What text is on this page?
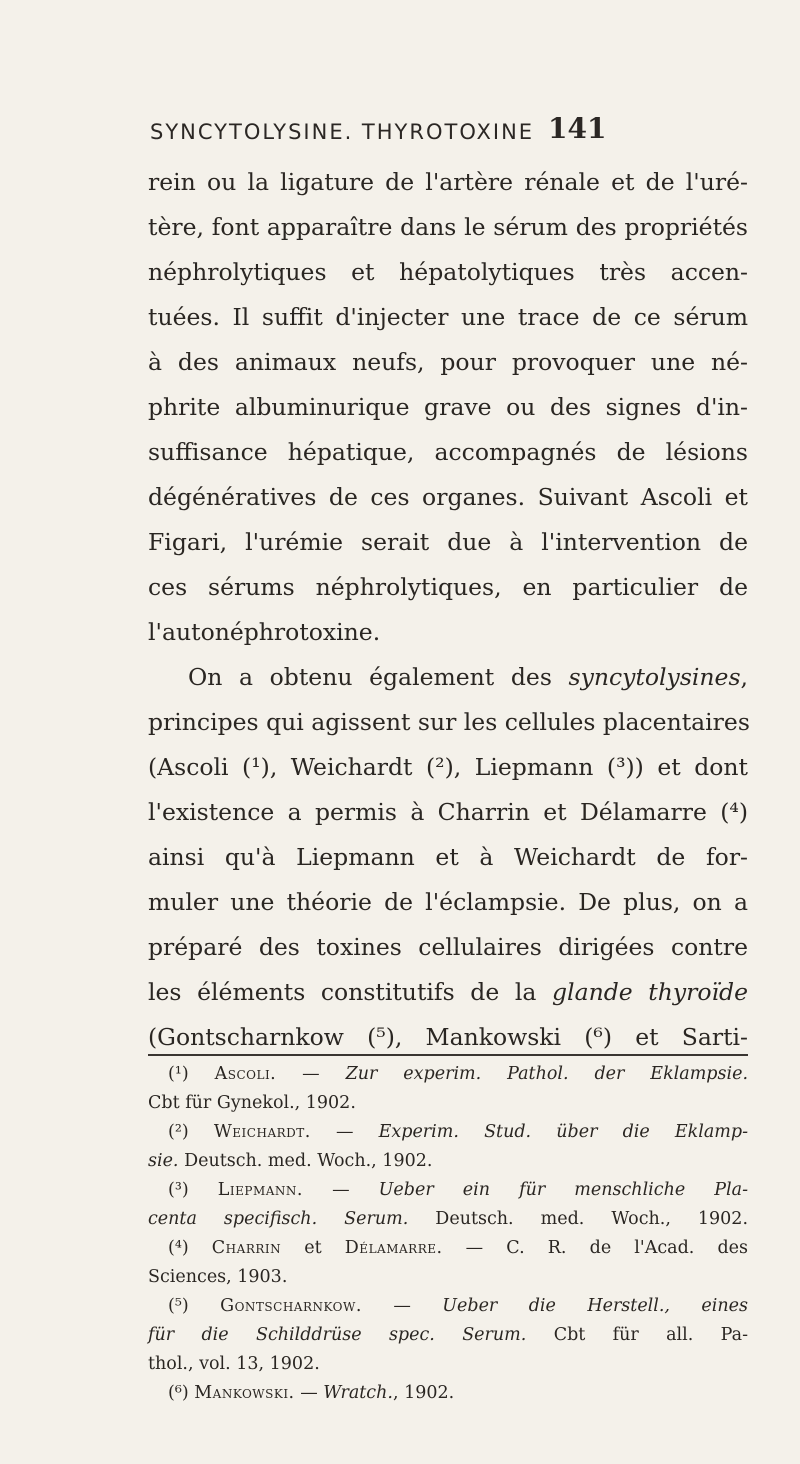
SYNCYTOLYSINE. THYROTOXINE 141
rein ou la ligature de l'artère rénale et de l'uré-
tère, font apparaître dans le sérum des propriétés
néphrolytiques et hépatolytiques très accen-
tuées. Il suffit d'injecter une trace de ce sérum
à des animaux neufs, pour provoquer une né-
phrite albuminurique grave ou des signes d'in-
suffisance hépatique, accompagnés de lésions
dégénératives de ces organes. Suivant Ascoli et
Figari, l'urémie serait due à l'intervention de
ces sérums néphrolytiques, en particulier de
l'autonéphrotoxine.
On a obtenu également des syncytolysines,
principes qui agissent sur les cellules placentaires
(Ascoli (¹), Weichardt (²), Liepmann (³)) et dont
l'existence a permis à Charrin et Délamarre (⁴)
ainsi qu'à Liepmann et à Weichardt de for-
muler une théorie de l'éclampsie. De plus, on a
préparé des toxines cellulaires dirigées contre
les éléments constitutifs de la glande thyroïde
(Gontscharnkow (⁵), Mankowski (⁶) et Sarti-
(¹) Ascoli. — Zur experim. Pathol. der Eklampsie.
Cbt für Gynekol., 1902.
(²) Weichardt. — Experim. Stud. über die Eklamp-
sie. Deutsch. med. Woch., 1902.
(³) Liepmann. — Ueber ein für menschliche Pla-
centa specifisch. Serum. Deutsch. med. Woch., 1902.
(⁴) Charrin et Délamarre. — C. R. de l'Acad. des
Sciences, 1903.
(⁵) Gontscharnkow. — Ueber die Herstell., eines
für die Schilddrüse spec. Serum. Cbt für all. Pa-
thol., vol. 13, 1902.
(⁶) Mankowski. — Wratch., 1902.
